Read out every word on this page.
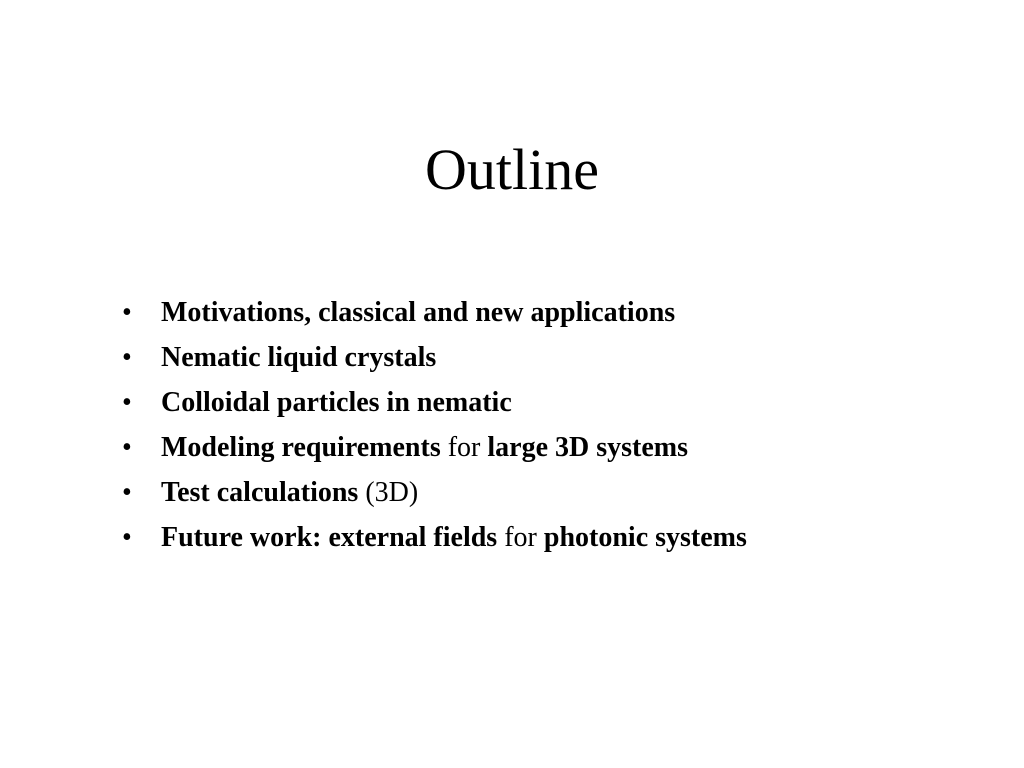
Outline
• Motivations, classical and new applications
• Nematic liquid crystals
• Colloidal particles in nematic
• Modeling requirements for large 3D systems
• Test calculations (3D)
• Future work: external fields for photonic systems
